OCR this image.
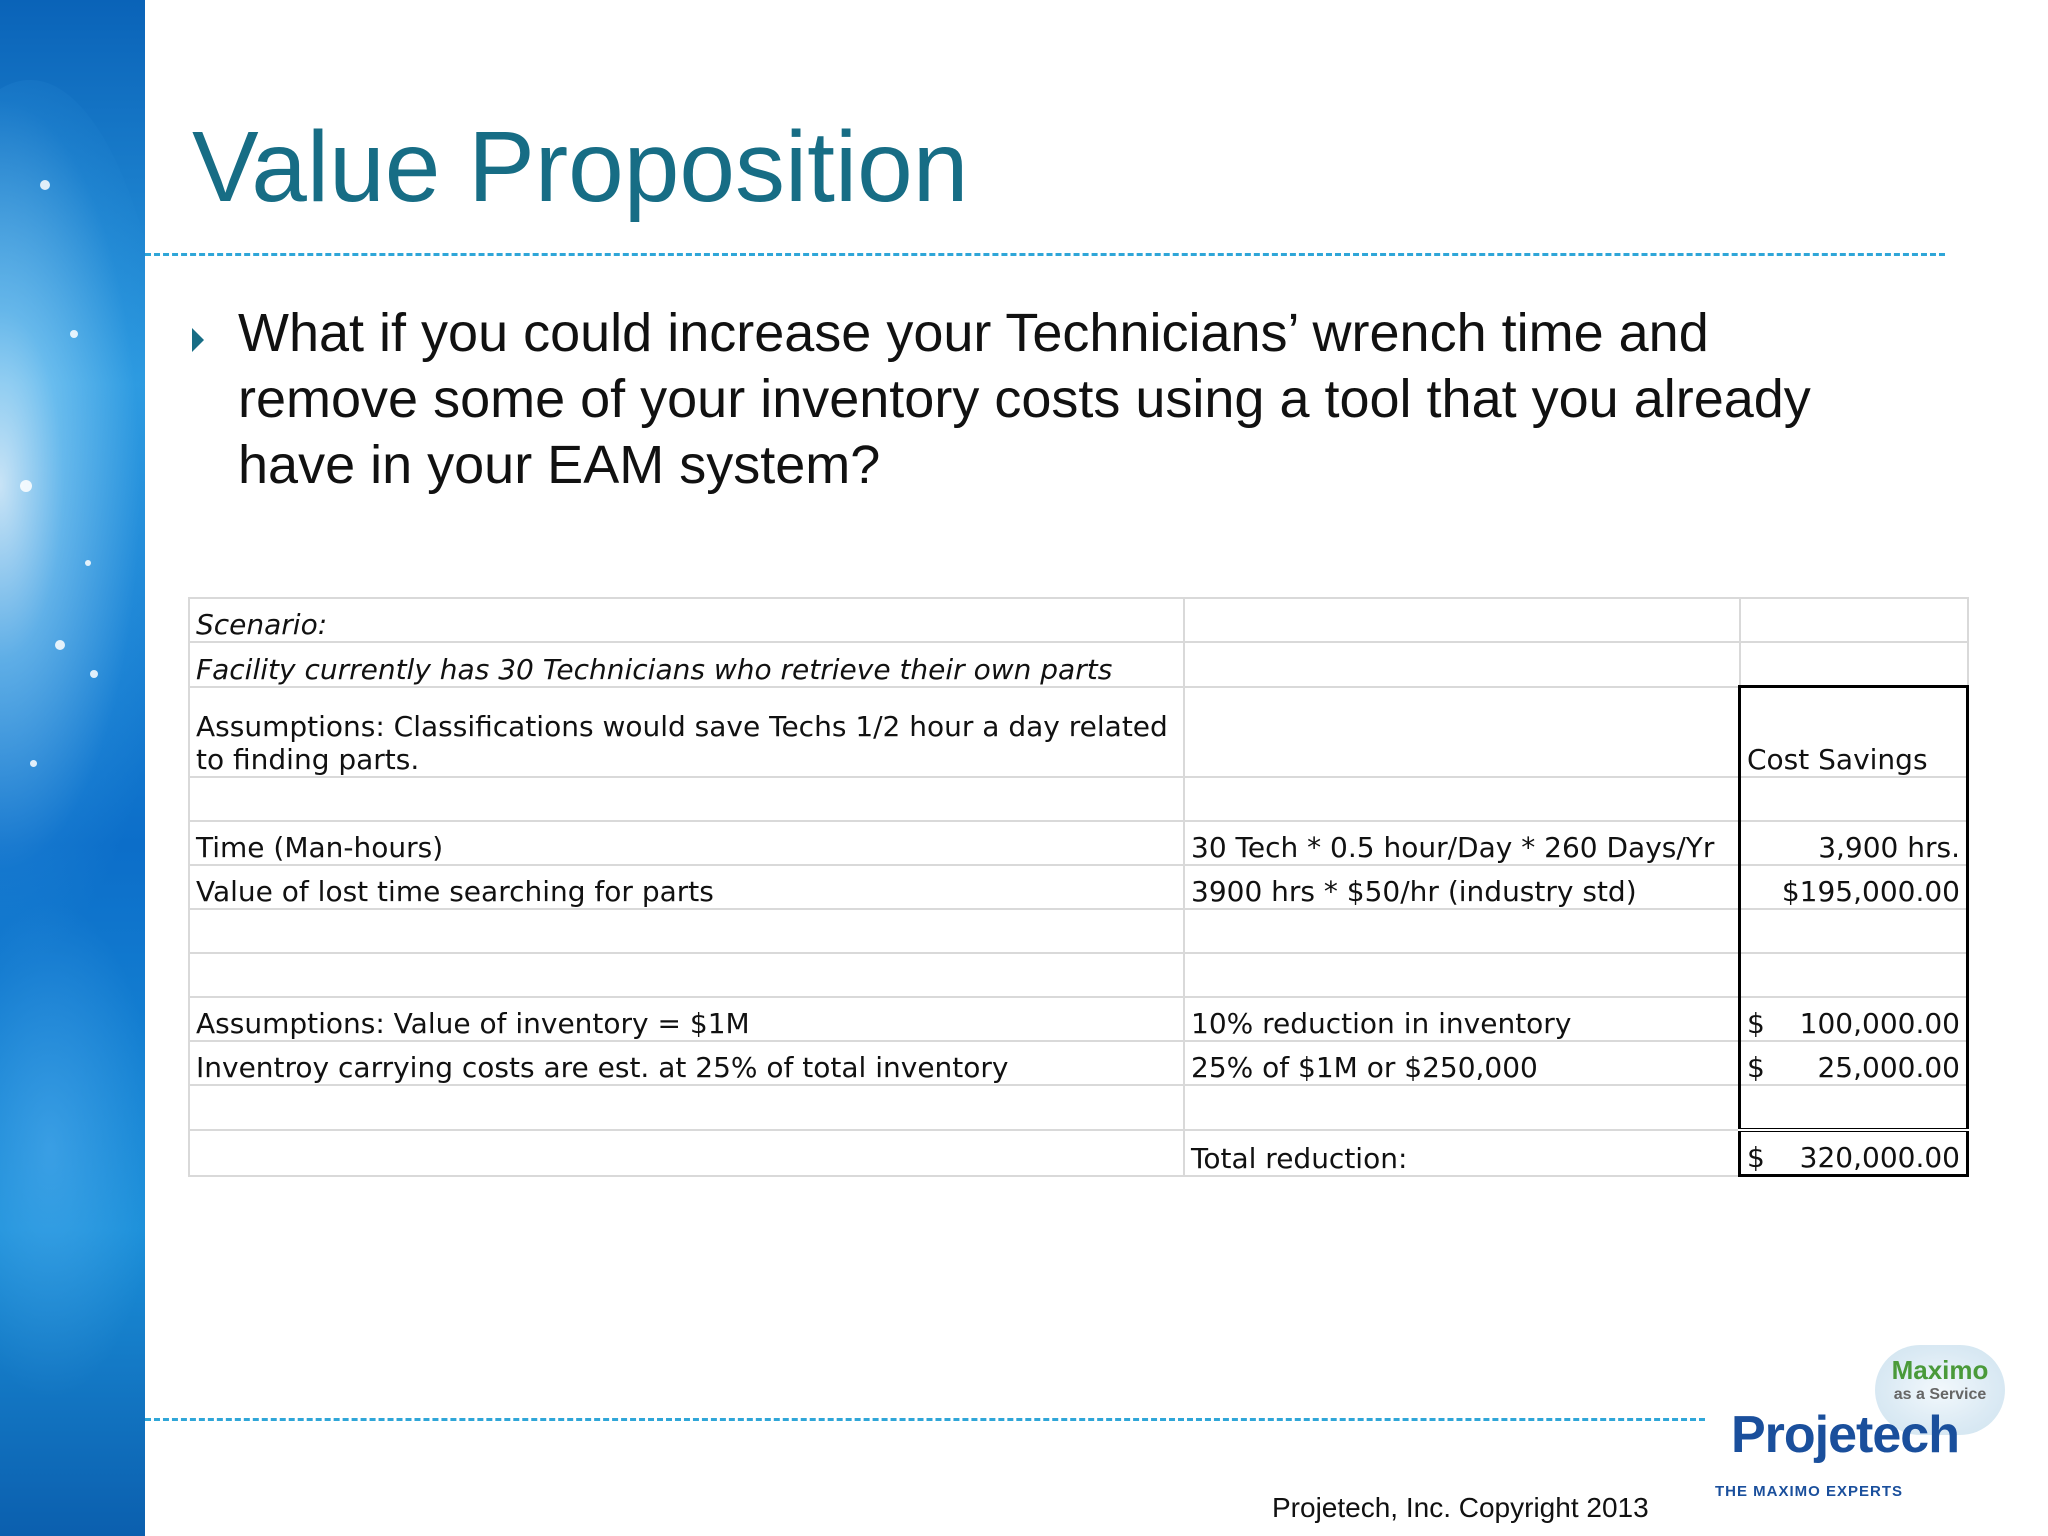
Value Proposition
What if you could increase your Technicians’ wrench time and remove some of your inventory costs using a tool that you already have in your EAM system?
Scenario:		
Facility currently has 30 Technicians who retrieve their own parts		
Assumptions: Classifications would save Techs 1/2 hour a day related to finding parts.		Cost Savings

Time (Man-hours)	30 Tech * 0.5 hour/Day * 260 Days/Yr	3,900 hrs.
Value of lost time searching for parts	3900 hrs * $50/hr (industry std)	$195,000.00

Assumptions: Value of inventory = $1M	10% reduction in inventory	$ 100,000.00

Inventroy carrying costs are est. at 25% of total inventory	25% of $1M or $250,000	$ 25,000.00

	Total reduction:	$ 320,000.00
Maximo
as a Service
Projetech
THE MAXIMO EXPERTS
Projetech, Inc. Copyright 2013
